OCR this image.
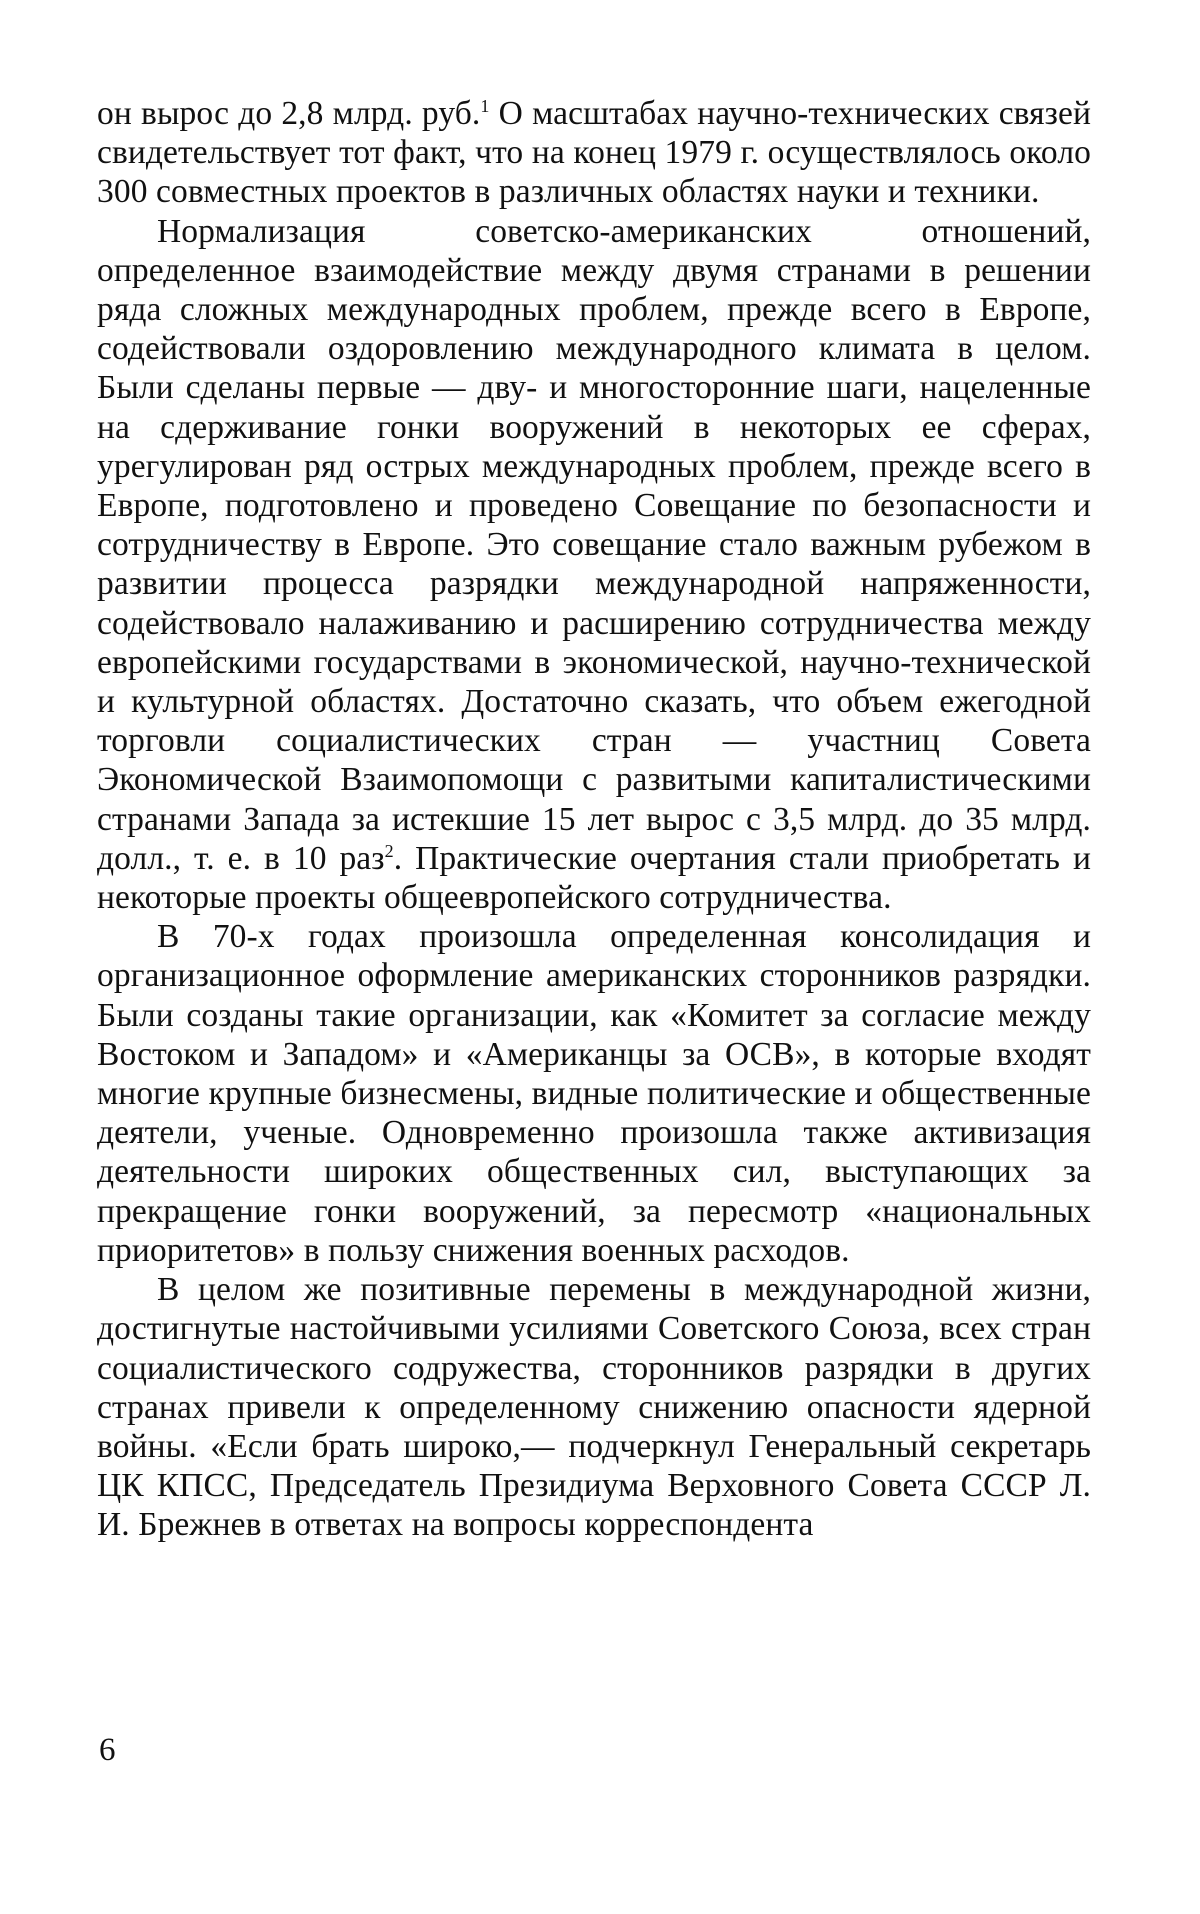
он вырос до 2,8 млрд. руб.$^1$ О масштабах научно-технических связей свидетельствует тот факт, что на конец 1979 г. осуществлялось около 300 совместных проектов в различных областях науки и техники.

Нормализация советско-американских отношений, определенное взаимодействие между двумя странами в решении ряда сложных международных проблем, прежде всего в Европе, содействовали оздоровлению международного климата в целом. Были сделаны первые — дву- и многосторонние шаги, нацеленные на сдерживание гонки вооружений в некоторых ее сферах, урегулирован ряд острых международных проблем, прежде всего в Европе, подготовлено и проведено Совещание по безопасности и сотрудничеству в Европе. Это совещание стало важным рубежом в развитии процесса разрядки международной напряженности, содействовало налаживанию и расширению сотрудничества между европейскими государствами в экономической, научно-технической и культурной областях. Достаточно сказать, что объем ежегодной торговли социалистических стран — участниц Совета Экономической Взаимопомощи с развитыми капиталистическими странами Запада за истекшие 15 лет вырос с 3,5 млрд. до 35 млрд. долл., т. е. в 10 раз$^2$. Практические очертания стали приобретать и некоторые проекты общеевропейского сотрудничества.

В 70-х годах произошла определенная консолидация и организационное оформление американских сторонников разрядки. Были созданы такие организации, как «Комитет за согласие между Востоком и Западом» и «Американцы за ОСВ», в которые входят многие крупные бизнесмены, видные политические и общественные деятели, ученые. Одновременно произошла также активизация деятельности широких общественных сил, выступающих за прекращение гонки вооружений, за пересмотр «национальных приоритетов» в пользу снижения военных расходов.

В целом же позитивные перемены в международной жизни, достигнутые настойчивыми усилиями Советского Союза, всех стран социалистического содружества, сторонников разрядки в других странах привели к определенному снижению опасности ядерной войны. «Если брать широко,— подчеркнул Генеральный секретарь ЦК КПСС, Председатель Президиума Верховного Совета СССР Л. И. Брежнев в ответах на вопросы корреспондента

6
